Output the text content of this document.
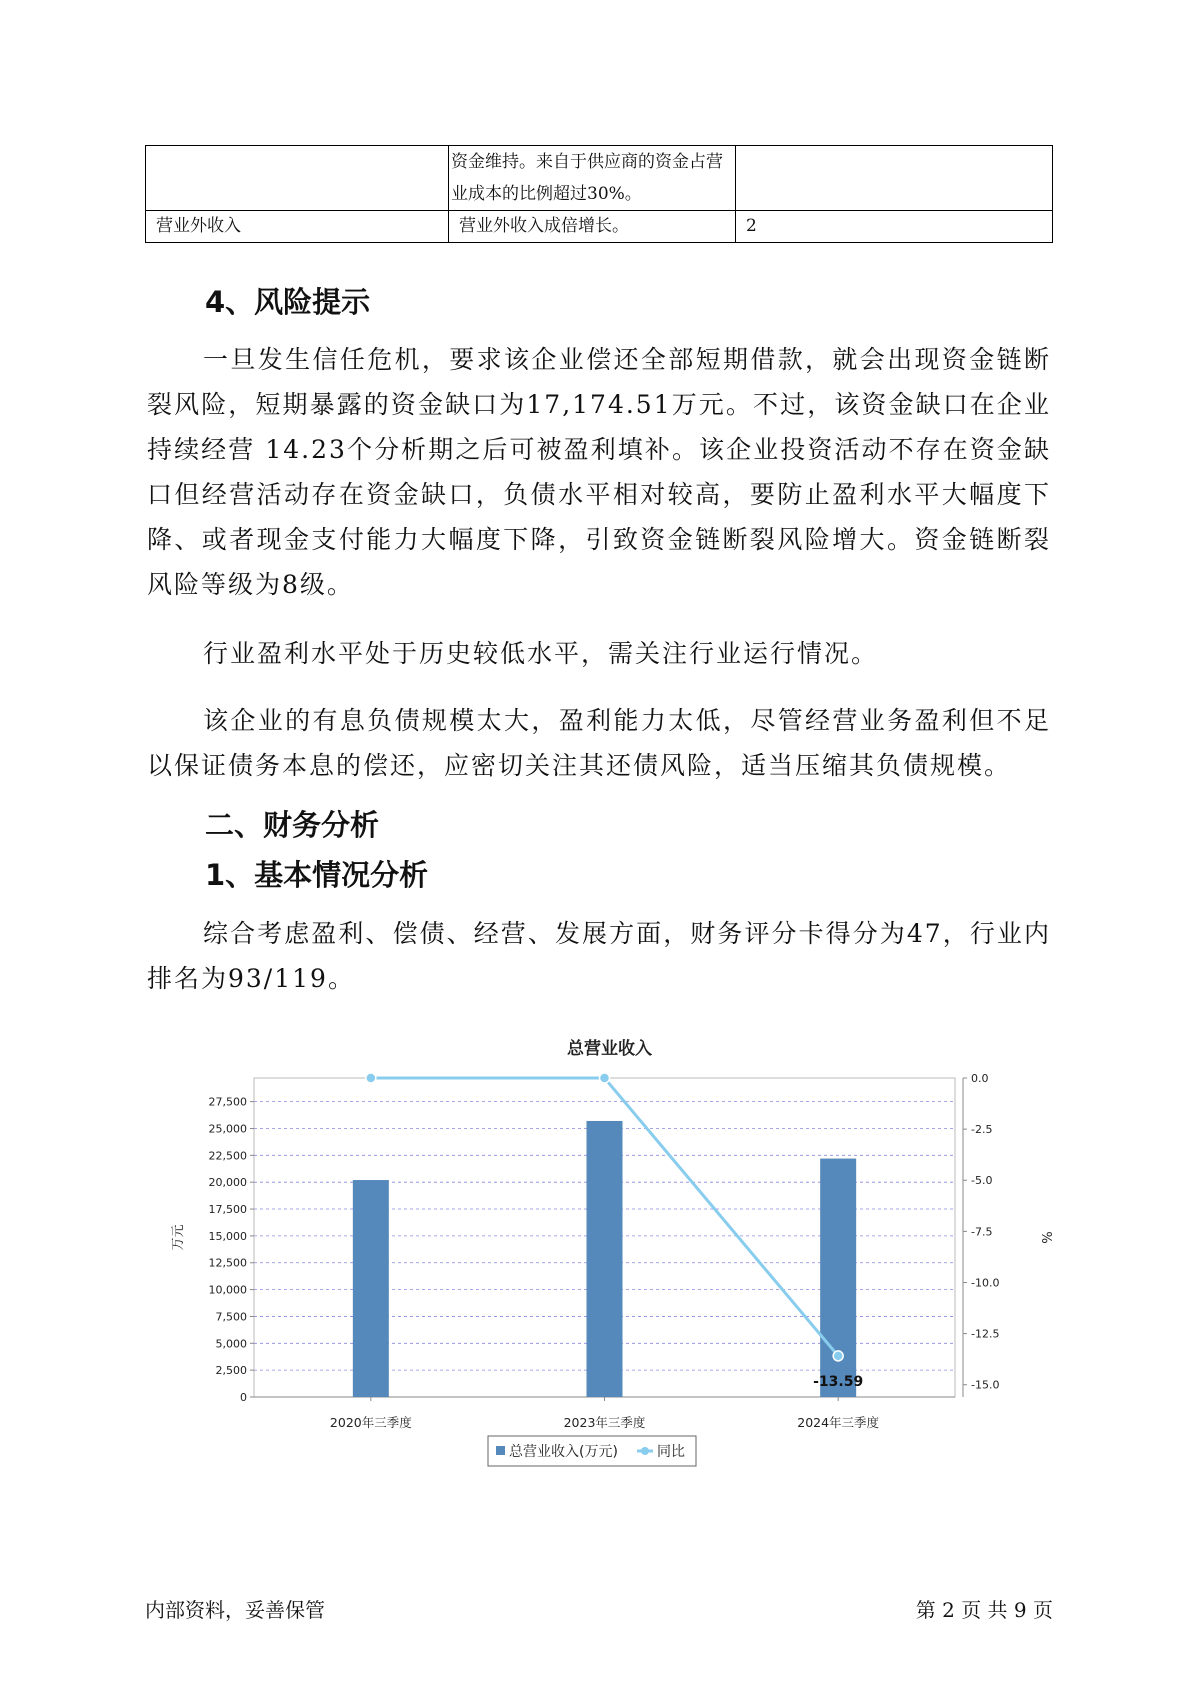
	资金维持。来自于供应商的资金占营业成本的比例超过30%。	
营业外收入	营业外收入成倍增长。	2
4、风险提示

一旦发生信任危机，要求该企业偿还全部短期借款，就会出现资金链断裂风险，短期暴露的资金缺口为17,174.51万元。不过，该资金缺口在企业持续经营 14.23个分析期之后可被盈利填补。该企业投资活动不存在资金缺口但经营活动存在资金缺口，负债水平相对较高，要防止盈利水平大幅度下降、或者现金支付能力大幅度下降，引致资金链断裂风险增大。资金链断裂风险等级为8级。

行业盈利水平处于历史较低水平，需关注行业运行情况。

该企业的有息负债规模太大，盈利能力太低，尽管经营业务盈利但不足以保证债务本息的偿还，应密切关注其还债风险，适当压缩其负债规模。

二、财务分析
1、基本情况分析

综合考虑盈利、偿债、经营、发展方面，财务评分卡得分为47，行业内排名为93/119。

总营业收入
0
2,500
5,000
7,500
10,000
12,500
15,000
17,500
20,000
22,500
25,000
27,500
0.0
-2.5
-5.0
-7.5
-10.0
-12.5
-15.0
万元	%
2020年三季度	2023年三季度	2024年三季度
-13.59
总营业收入(万元)	同比
内部资料，妥善保管	第 2 页 共 9 页
